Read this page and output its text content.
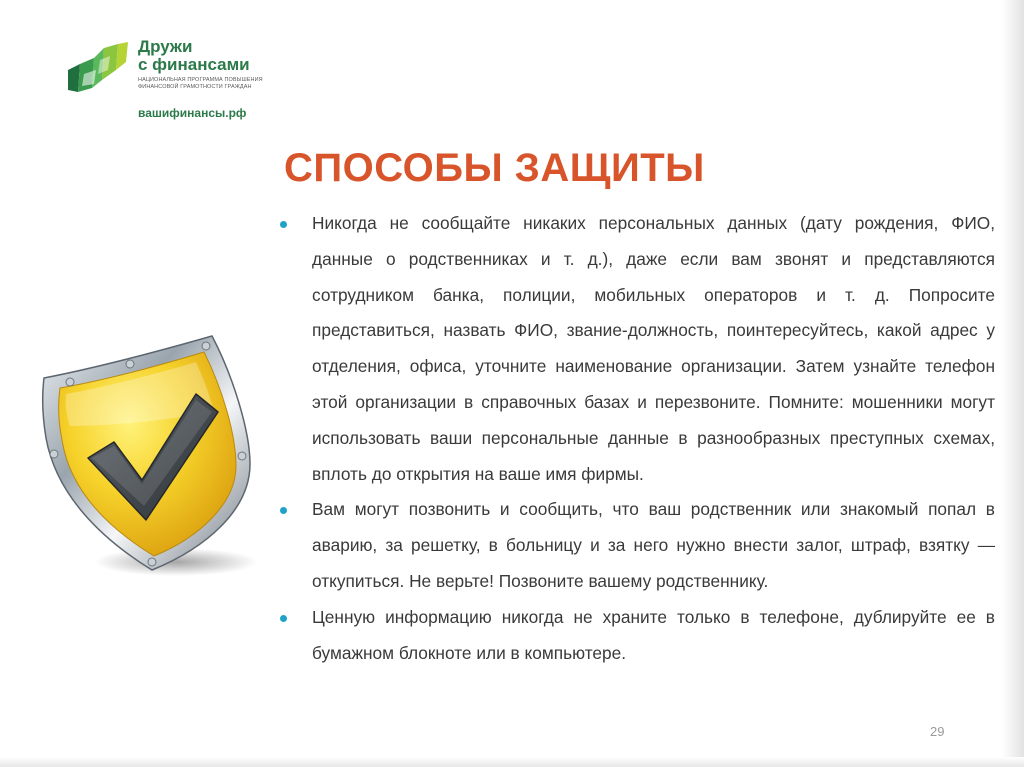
Дружи
с финансами
НАЦИОНАЛЬНАЯ ПРОГРАММА ПОВЫШЕНИЯ
ФИНАНСОВОЙ ГРАМОТНОСТИ ГРАЖДАН
вашифинансы.рф
СПОСОБЫ ЗАЩИТЫ
Никогда не сообщайте никаких персональных данных (дату рождения, ФИО, данные о родственниках и т. д.), даже если вам звонят и представляются сотрудником банка, полиции, мобильных операторов и т. д. Попросите представиться, назвать ФИО, звание-должность, поинтересуйтесь, какой адрес у отделения, офиса, уточните наименование организации. Затем узнайте телефон этой организации в справочных базах и перезвоните. Помните: мошенники могут использовать ваши персональные данные в разнообразных преступных схемах, вплоть до открытия на ваше имя фирмы.
Вам могут позвонить и сообщить, что ваш родственник или знакомый попал в аварию, за решетку, в больницу и за него нужно внести залог, штраф, взятку — откупиться. Не верьте! Позвоните вашему родственнику.
Ценную информацию никогда не храните только в телефоне, дублируйте ее в бумажном блокноте или в компьютере.
29
